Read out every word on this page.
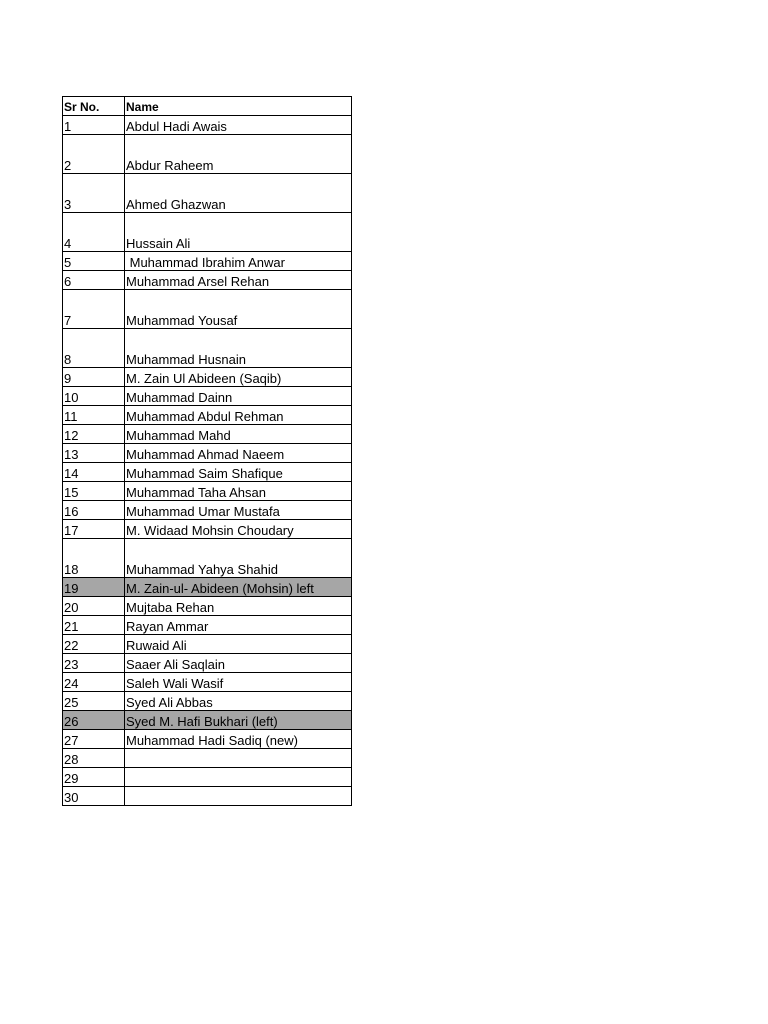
Sr No.	Name
1	Abdul Hadi Awais
2	Abdur Raheem
3	Ahmed Ghazwan
4	Hussain Ali
5	Muhammad Ibrahim Anwar
6	Muhammad Arsel Rehan
7	Muhammad Yousaf
8	Muhammad Husnain
9	M. Zain Ul Abideen (Saqib)
10	Muhammad Dainn
11	Muhammad Abdul Rehman
12	Muhammad Mahd
13	Muhammad Ahmad Naeem
14	Muhammad Saim Shafique
15	Muhammad Taha Ahsan
16	Muhammad Umar Mustafa
17	M. Widaad Mohsin Choudary
18	Muhammad Yahya Shahid
19	M. Zain-ul- Abideen (Mohsin) left
20	Mujtaba Rehan
21	Rayan Ammar
22	Ruwaid Ali
23	Saaer Ali Saqlain
24	Saleh Wali Wasif
25	Syed Ali Abbas
26	Syed M. Hafi Bukhari (left)
27	Muhammad Hadi Sadiq (new)
28	
29	
30	
